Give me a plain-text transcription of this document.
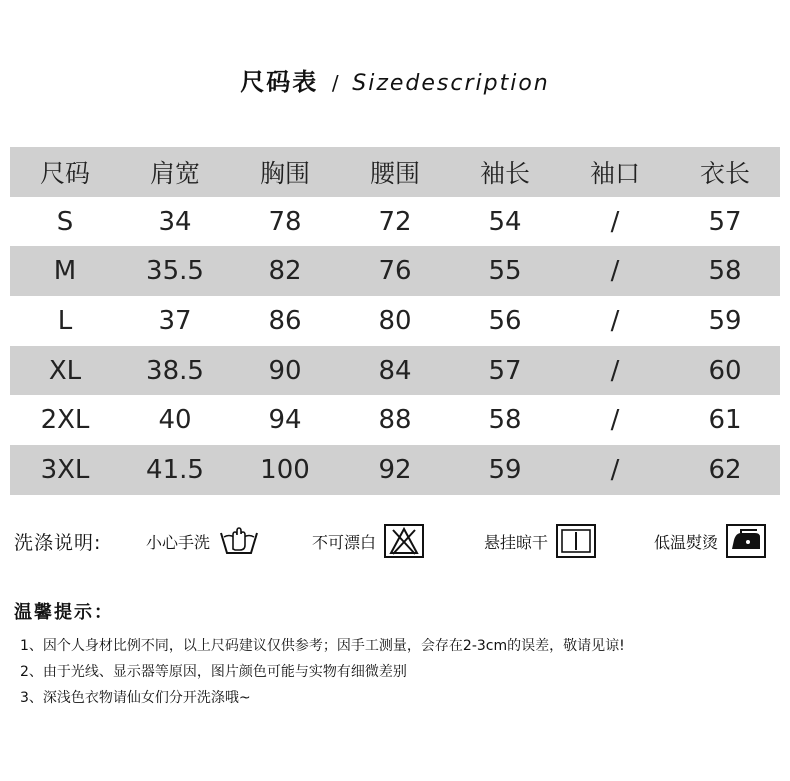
尺码表 / Sizedescription
尺码	肩宽	胸围	腰围	袖长	袖口	衣长
S	34	78	72	54	/	57
M	35.5	82	76	55	/	58
L	37	86	80	56	/	59
XL	38.5	90	84	57	/	60
2XL	40	94	88	58	/	61
3XL	41.5	100	92	59	/	62
洗涤说明:	小心手洗	不可漂白	悬挂晾干	低温熨烫
温馨提示：
1、因个人身材比例不同，以上尺码建议仅供参考；因手工测量，会存在2-3cm的误差，敬请见谅!
2、由于光线、显示器等原因，图片颜色可能与实物有细微差别
3、深浅色衣物请仙女们分开洗涤哦~
